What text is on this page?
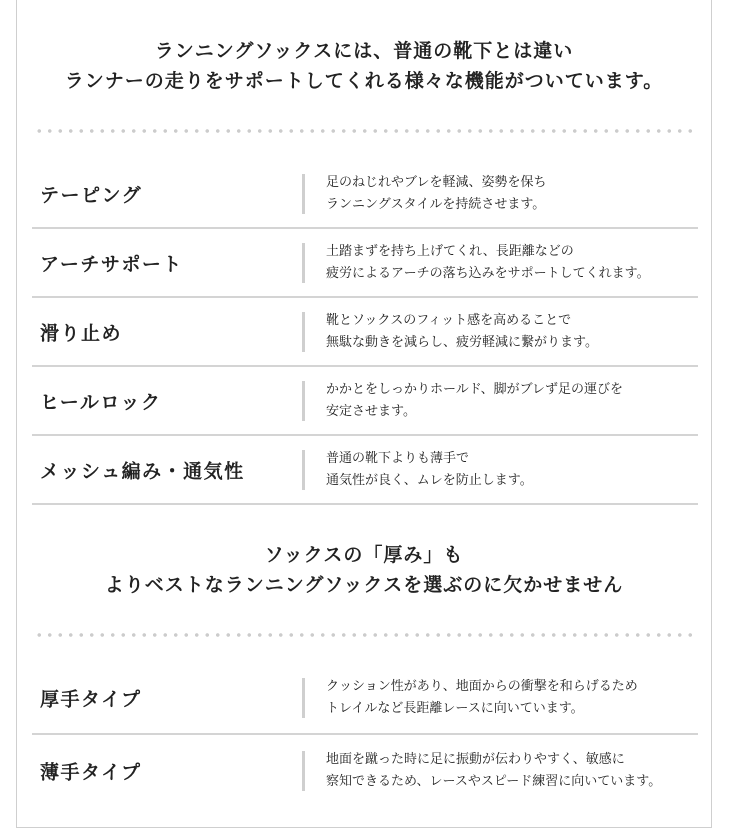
ランニングソックスには、普通の靴下とは違い
ランナーの走りをサポートしてくれる様々な機能がついています。
テーピング
足のねじれやブレを軽減、姿勢を保ち
ランニングスタイルを持続させます。
アーチサポート
土踏まずを持ち上げてくれ、長距離などの
疲労によるアーチの落ち込みをサポートしてくれます。
滑り止め
靴とソックスのフィット感を高めることで
無駄な動きを減らし、疲労軽減に繋がります。
ヒールロック
かかとをしっかりホールド、脚がブレず足の運びを
安定させます。
メッシュ編み・通気性
普通の靴下よりも薄手で
通気性が良く、ムレを防止します。
ソックスの「厚み」も
よりベストなランニングソックスを選ぶのに欠かせません
厚手タイプ
クッション性があり、地面からの衝撃を和らげるため
トレイルなど長距離レースに向いています。
薄手タイプ
地面を蹴った時に足に振動が伝わりやすく、敏感に
察知できるため、レースやスピード練習に向いています。
